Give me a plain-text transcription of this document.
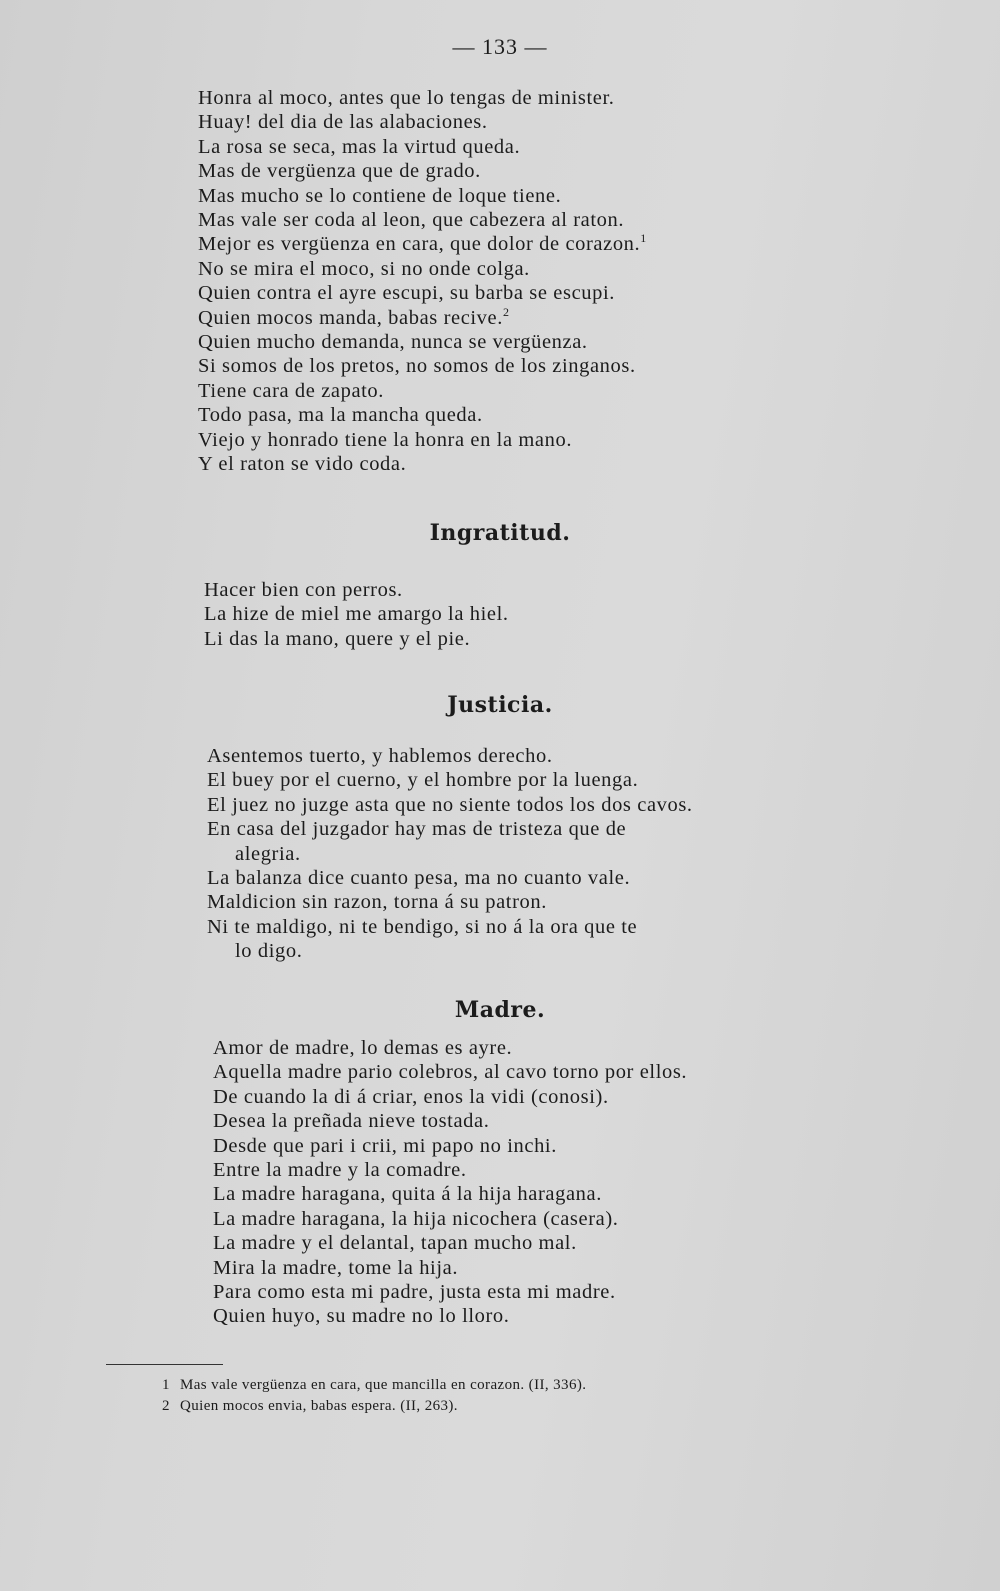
— 133 —
Honra al moco, antes que lo tengas de minister.
Huay! del dia de las alabaciones.
La rosa se seca, mas la virtud queda.
Mas de vergüenza que de grado.
Mas mucho se lo contiene de loque tiene.
Mas vale ser coda al leon, que cabezera al raton.
Mejor es vergüenza en cara, que dolor de corazon.$^1$
No se mira el moco, si no onde colga.
Quien contra el ayre escupi, su barba se escupi.
Quien mocos manda, babas recive.$^2$
Quien mucho demanda, nunca se vergüenza.
Si somos de los pretos, no somos de los zinganos.
Tiene cara de zapato.
Todo pasa, ma la mancha queda.
Viejo y honrado tiene la honra en la mano.
Y el raton se vido coda.
Ingratitud.
Hacer bien con perros.
La hize de miel me amargo la hiel.
Li das la mano, quere y el pie.
Justicia.
Asentemos tuerto, y hablemos derecho.
El buey por el cuerno, y el hombre por la luenga.
El juez no juzge asta que no siente todos los dos cavos.
En casa del juzgador hay mas de tristeza que de
alegria.
La balanza dice cuanto pesa, ma no cuanto vale.
Maldicion sin razon, torna á su patron.
Ni te maldigo, ni te bendigo, si no á la ora que te
lo digo.
Madre.
Amor de madre, lo demas es ayre.
Aquella madre pario colebros, al cavo torno por ellos.
De cuando la di á criar, enos la vidi (conosi).
Desea la preñada nieve tostada.
Desde que pari i crii, mi papo no inchi.
Entre la madre y la comadre.
La madre haragana, quita á la hija haragana.
La madre haragana, la hija nicochera (casera).
La madre y el delantal, tapan mucho mal.
Mira la madre, tome la hija.
Para como esta mi padre, justa esta mi madre.
Quien huyo, su madre no lo lloro.
1 Mas vale vergüenza en cara, que mancilla en corazon. (II, 336).
2 Quien mocos envia, babas espera. (II, 263).
